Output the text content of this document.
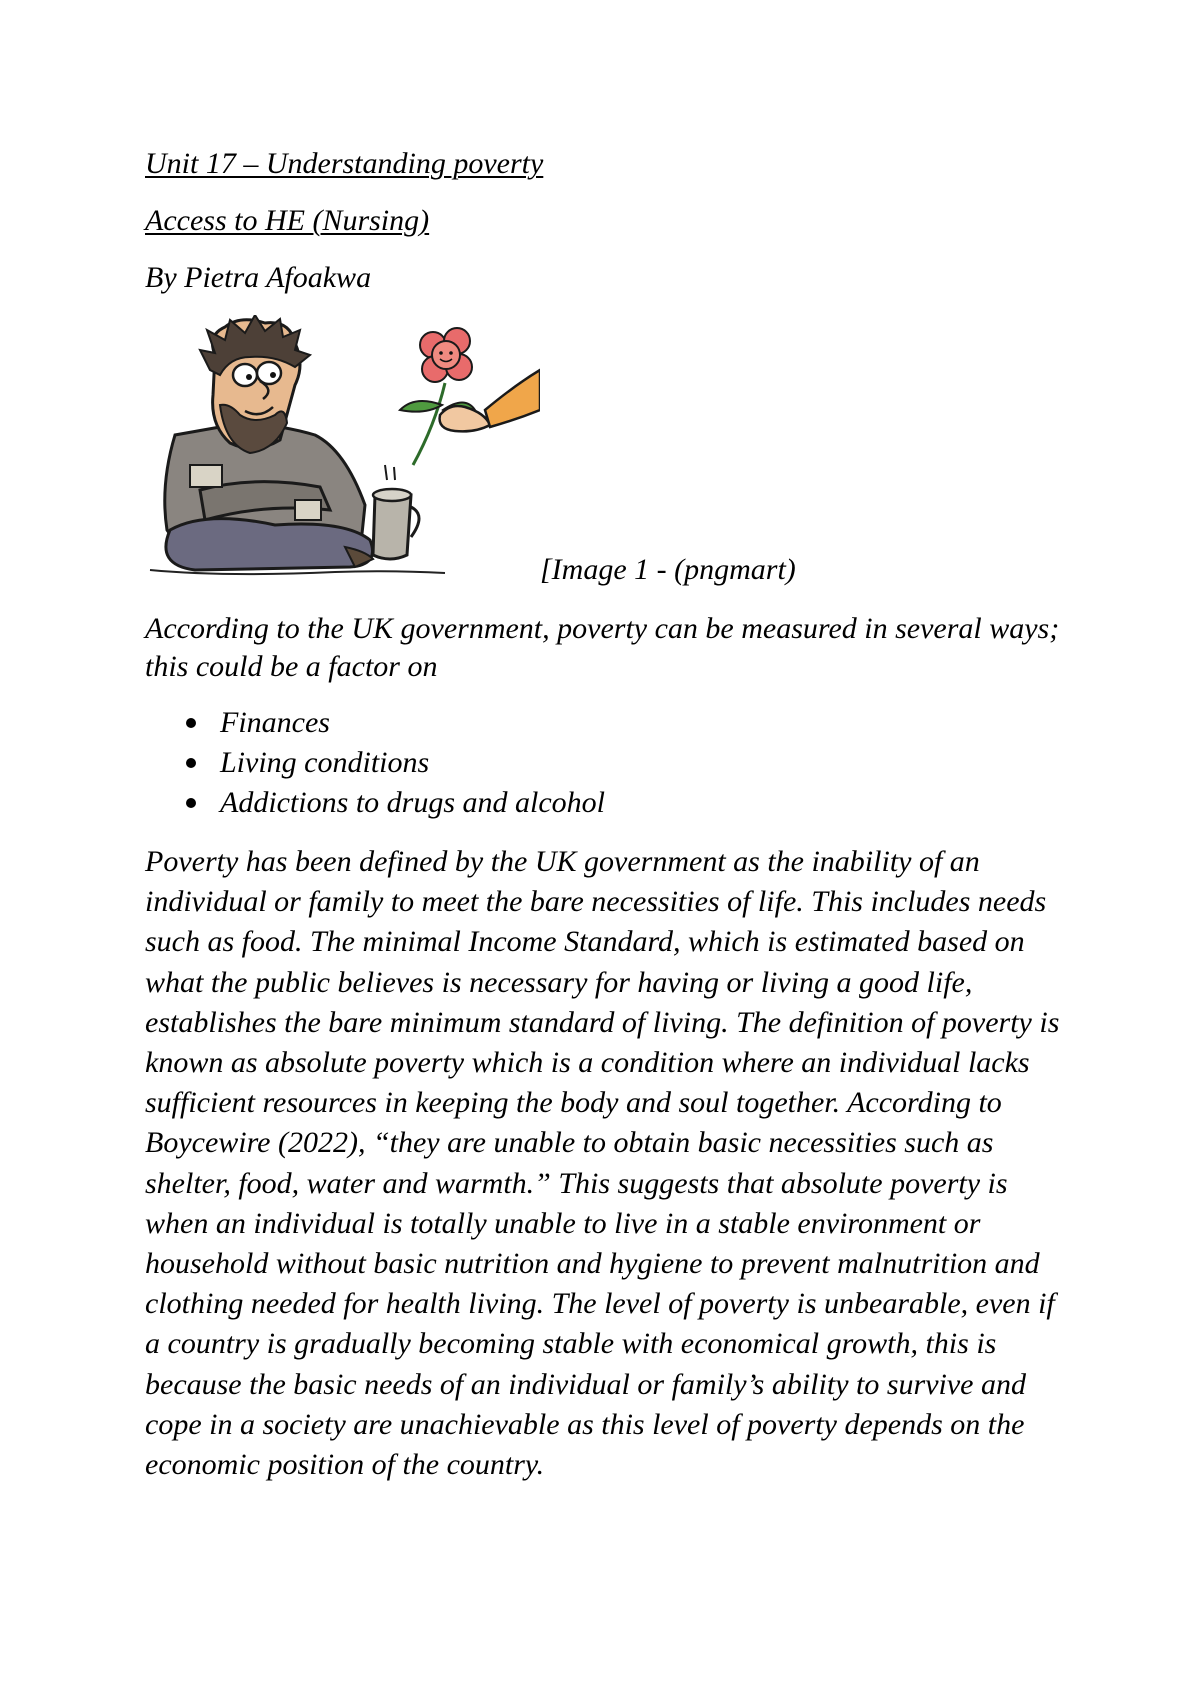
Unit 17 – Understanding poverty

Access to HE (Nursing)

By Pietra Afoakwa

[Image 1 - (pngmart)

According to the UK government, poverty can be measured in several ways; this could be a factor on

Finances
Living conditions
Addictions to drugs and alcohol

Poverty has been defined by the UK government as the inability of an individual or family to meet the bare necessities of life. This includes needs such as food. The minimal Income Standard, which is estimated based on what the public believes is necessary for having or living a good life, establishes the bare minimum standard of living. The definition of poverty is known as absolute poverty which is a condition where an individual lacks sufficient resources in keeping the body and soul together. According to Boycewire (2022), “they are unable to obtain basic necessities such as shelter, food, water and warmth.” This suggests that absolute poverty is when an individual is totally unable to live in a stable environment or household without basic nutrition and hygiene to prevent malnutrition and clothing needed for health living. The level of poverty is unbearable, even if a country is gradually becoming stable with economical growth, this is because the basic needs of an individual or family’s ability to survive and cope in a society are unachievable as this level of poverty depends on the economic position of the country.
